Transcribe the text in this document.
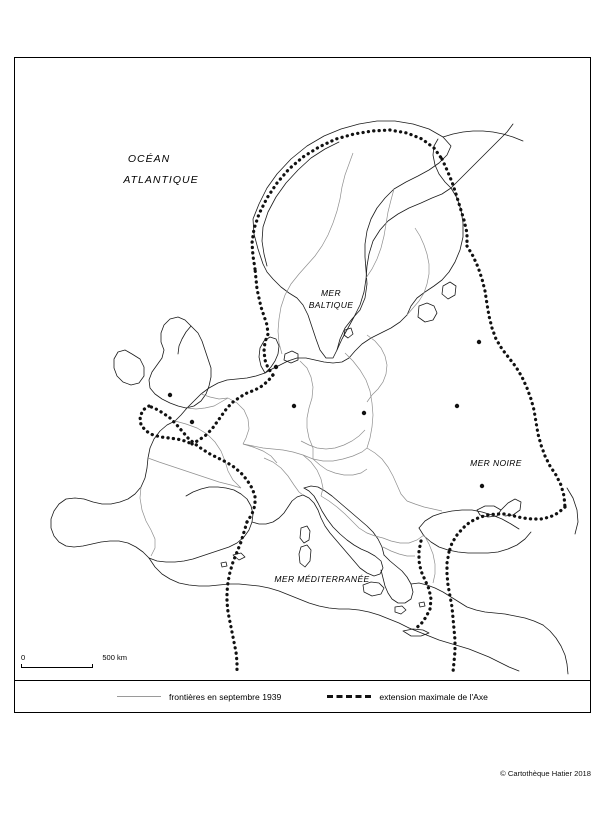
OCÉAN
ATLANTIQUE
MER
BALTIQUE
MER NOIRE
MER MÉDITERRANÉE
0	500 km
frontières en septembre 1939	extension maximale de l'Axe
© Cartothèque Hatier 2018
